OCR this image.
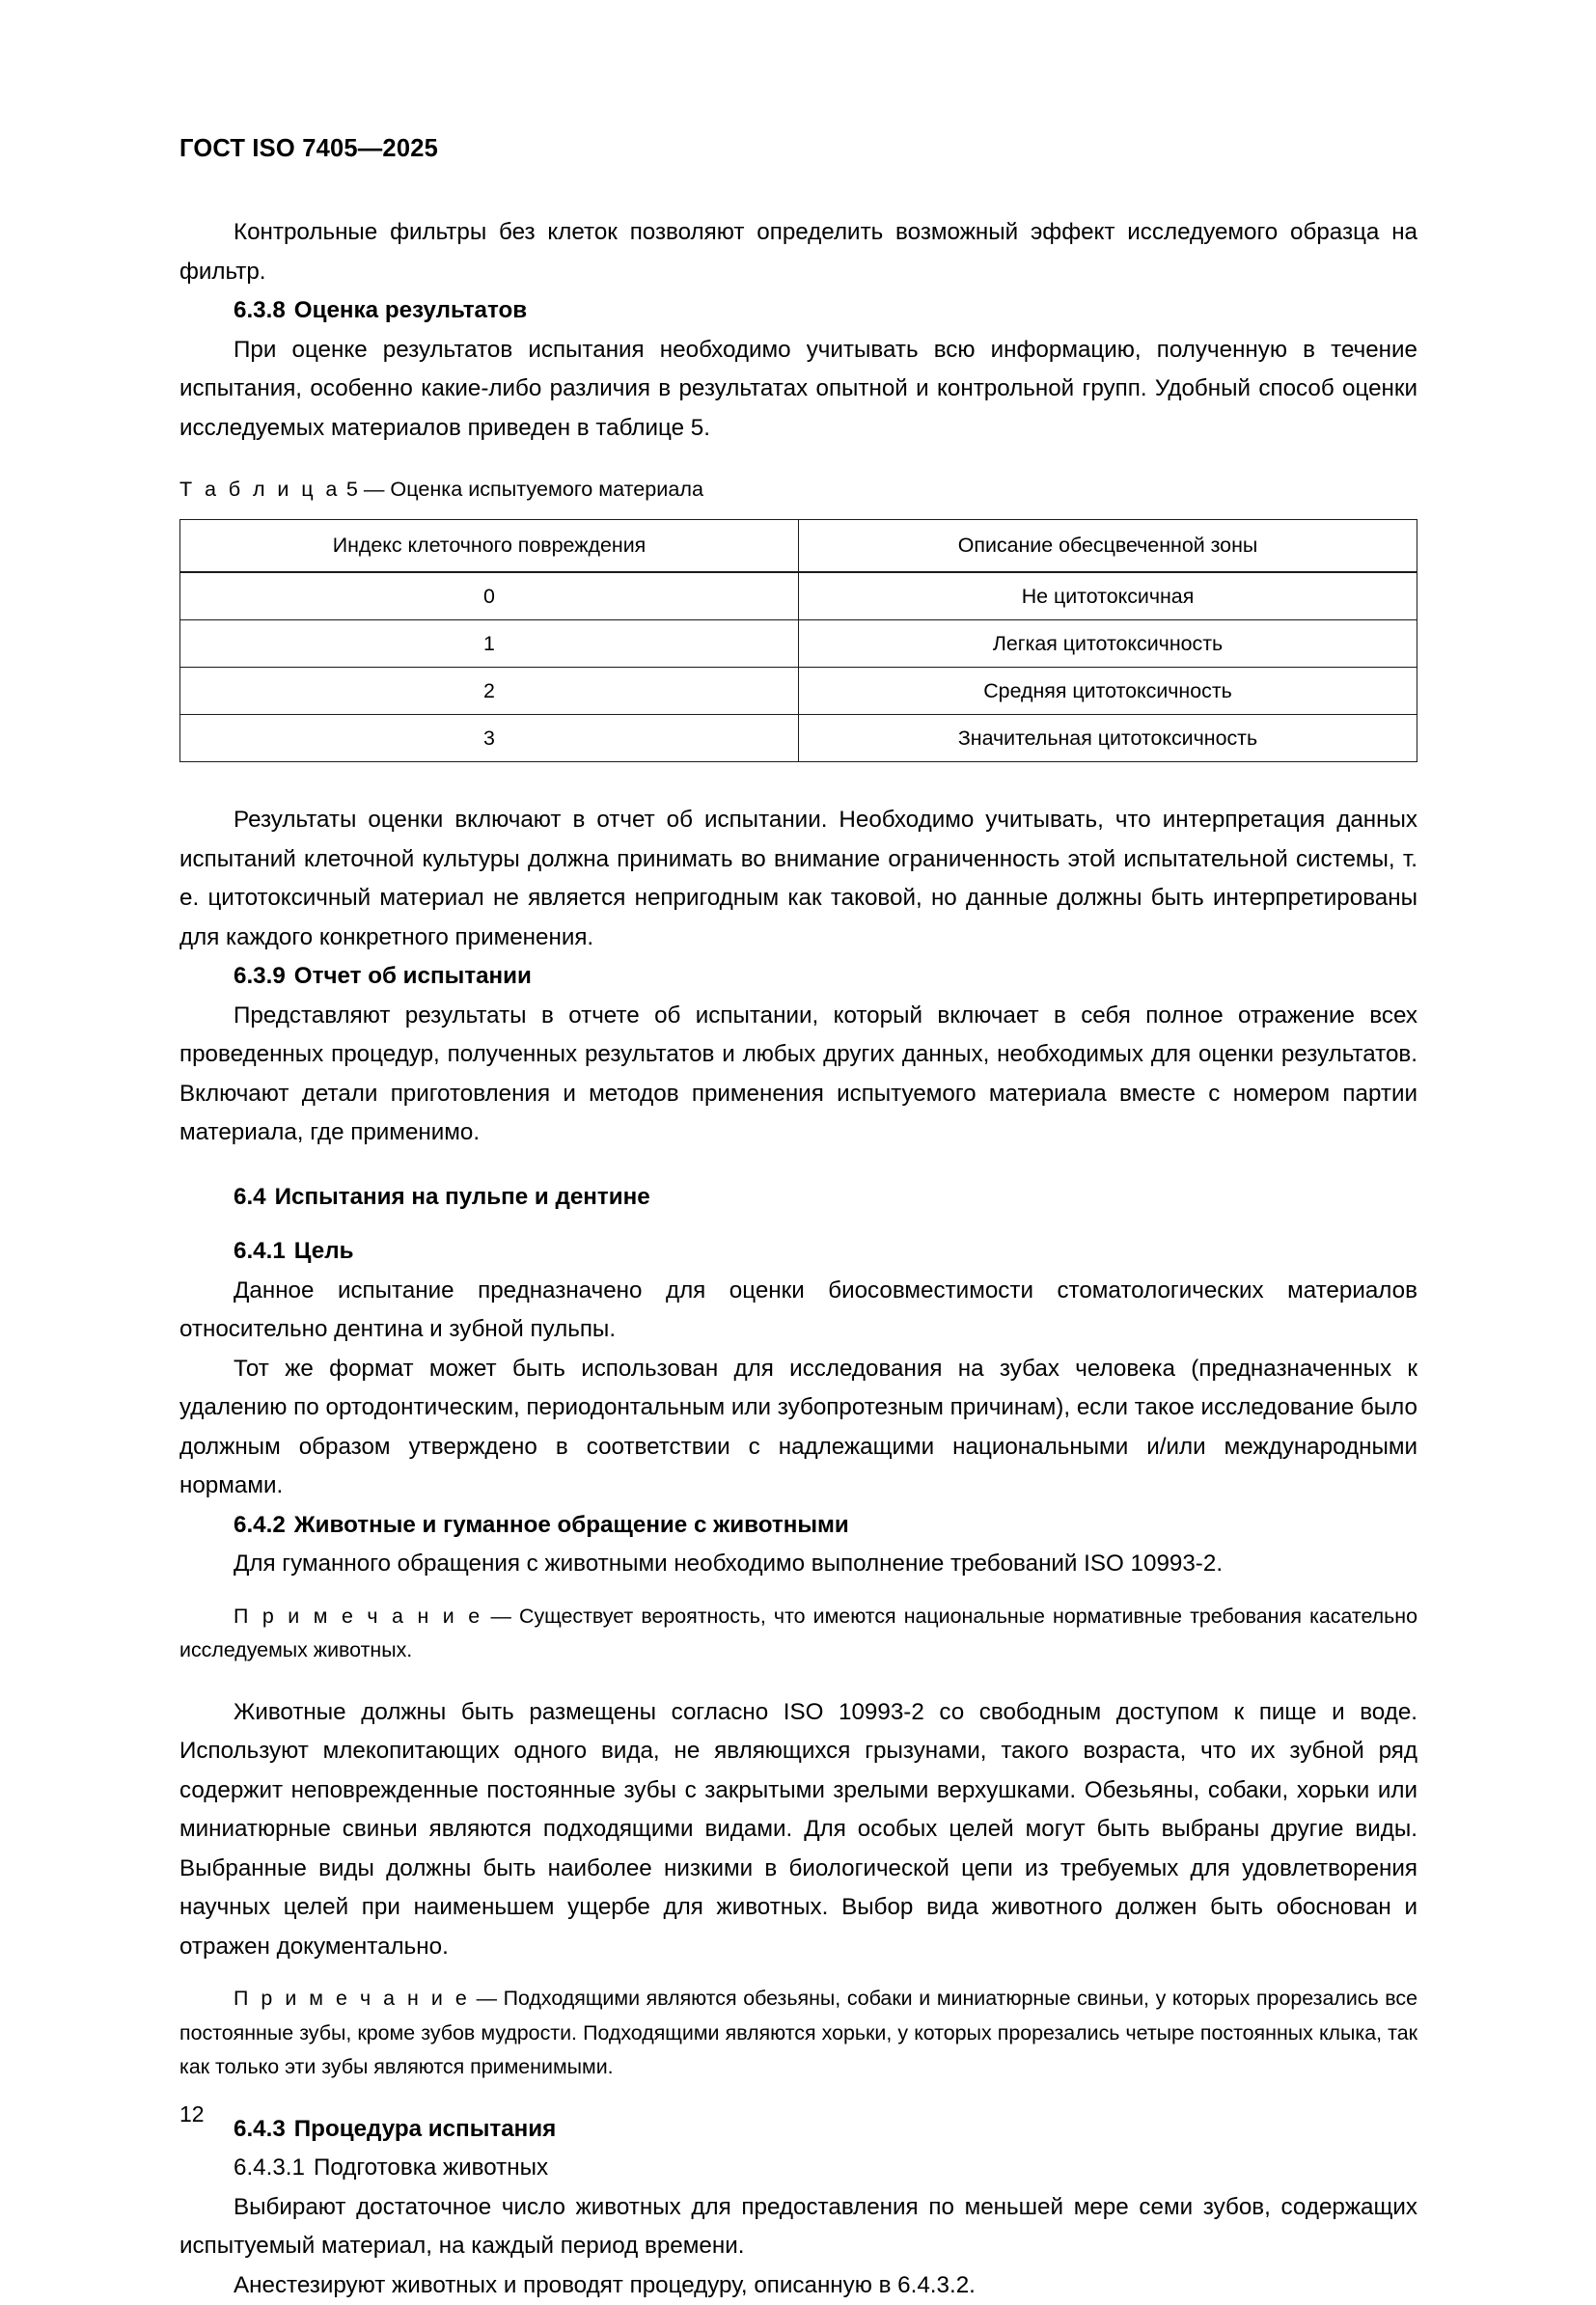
ГОСТ ISO 7405—2025

Контрольные фильтры без клеток позволяют определить возможный эффект исследуемого образца на фильтр.

6.3.8 Оценка результатов

При оценке результатов испытания необходимо учитывать всю информацию, полученную в течение испытания, особенно какие-либо различия в результатах опытной и контрольной групп. Удобный способ оценки исследуемых материалов приведен в таблице 5.

Т а б л и ц а 5 — Оценка испытуемого материала
Индекс клеточного повреждения	Описание обесцвеченной зоны
0	Не цитотоксичная
1	Легкая цитотоксичность
2	Средняя цитотоксичность
3	Значительная цитотоксичность

Результаты оценки включают в отчет об испытании. Необходимо учитывать, что интерпретация данных испытаний клеточной культуры должна принимать во внимание ограниченность этой испытательной системы, т. е. цитотоксичный материал не является непригодным как таковой, но данные должны быть интерпретированы для каждого конкретного применения.

6.3.9 Отчет об испытании

Представляют результаты в отчете об испытании, который включает в себя полное отражение всех проведенных процедур, полученных результатов и любых других данных, необходимых для оценки результатов. Включают детали приготовления и методов применения испытуемого материала вместе с номером партии материала, где применимо.

6.4 Испытания на пульпе и дентине
6.4.1 Цель

Данное испытание предназначено для оценки биосовместимости стоматологических материалов относительно дентина и зубной пульпы.

Тот же формат может быть использован для исследования на зубах человека (предназначенных к удалению по ортодонтическим, периодонтальным или зубопротезным причинам), если такое исследование было должным образом утверждено в соответствии с надлежащими национальными и/или международными нормами.

6.4.2 Животные и гуманное обращение с животными

Для гуманного обращения с животными необходимо выполнение требований ISO 10993-2.

П р и м е ч а н и е — Существует вероятность, что имеются национальные нормативные требования касательно исследуемых животных.

Животные должны быть размещены согласно ISO 10993-2 со свободным доступом к пище и воде. Используют млекопитающих одного вида, не являющихся грызунами, такого возраста, что их зубной ряд содержит неповрежденные постоянные зубы с закрытыми зрелыми верхушками. Обезьяны, собаки, хорьки или миниатюрные свиньи являются подходящими видами. Для особых целей могут быть выбраны другие виды. Выбранные виды должны быть наиболее низкими в биологической цепи из требуемых для удовлетворения научных целей при наименьшем ущербе для животных. Выбор вида животного должен быть обоснован и отражен документально.

П р и м е ч а н и е — Подходящими являются обезьяны, собаки и миниатюрные свиньи, у которых прорезались все постоянные зубы, кроме зубов мудрости. Подходящими являются хорьки, у которых прорезались четыре постоянных клыка, так как только эти зубы являются применимыми.

6.4.3 Процедура испытания
6.4.3.1 Подготовка животных

Выбирают достаточное число животных для предоставления по меньшей мере семи зубов, содержащих испытуемый материал, на каждый период времени.

Анестезируют животных и проводят процедуру, описанную в 6.4.3.2.

12
